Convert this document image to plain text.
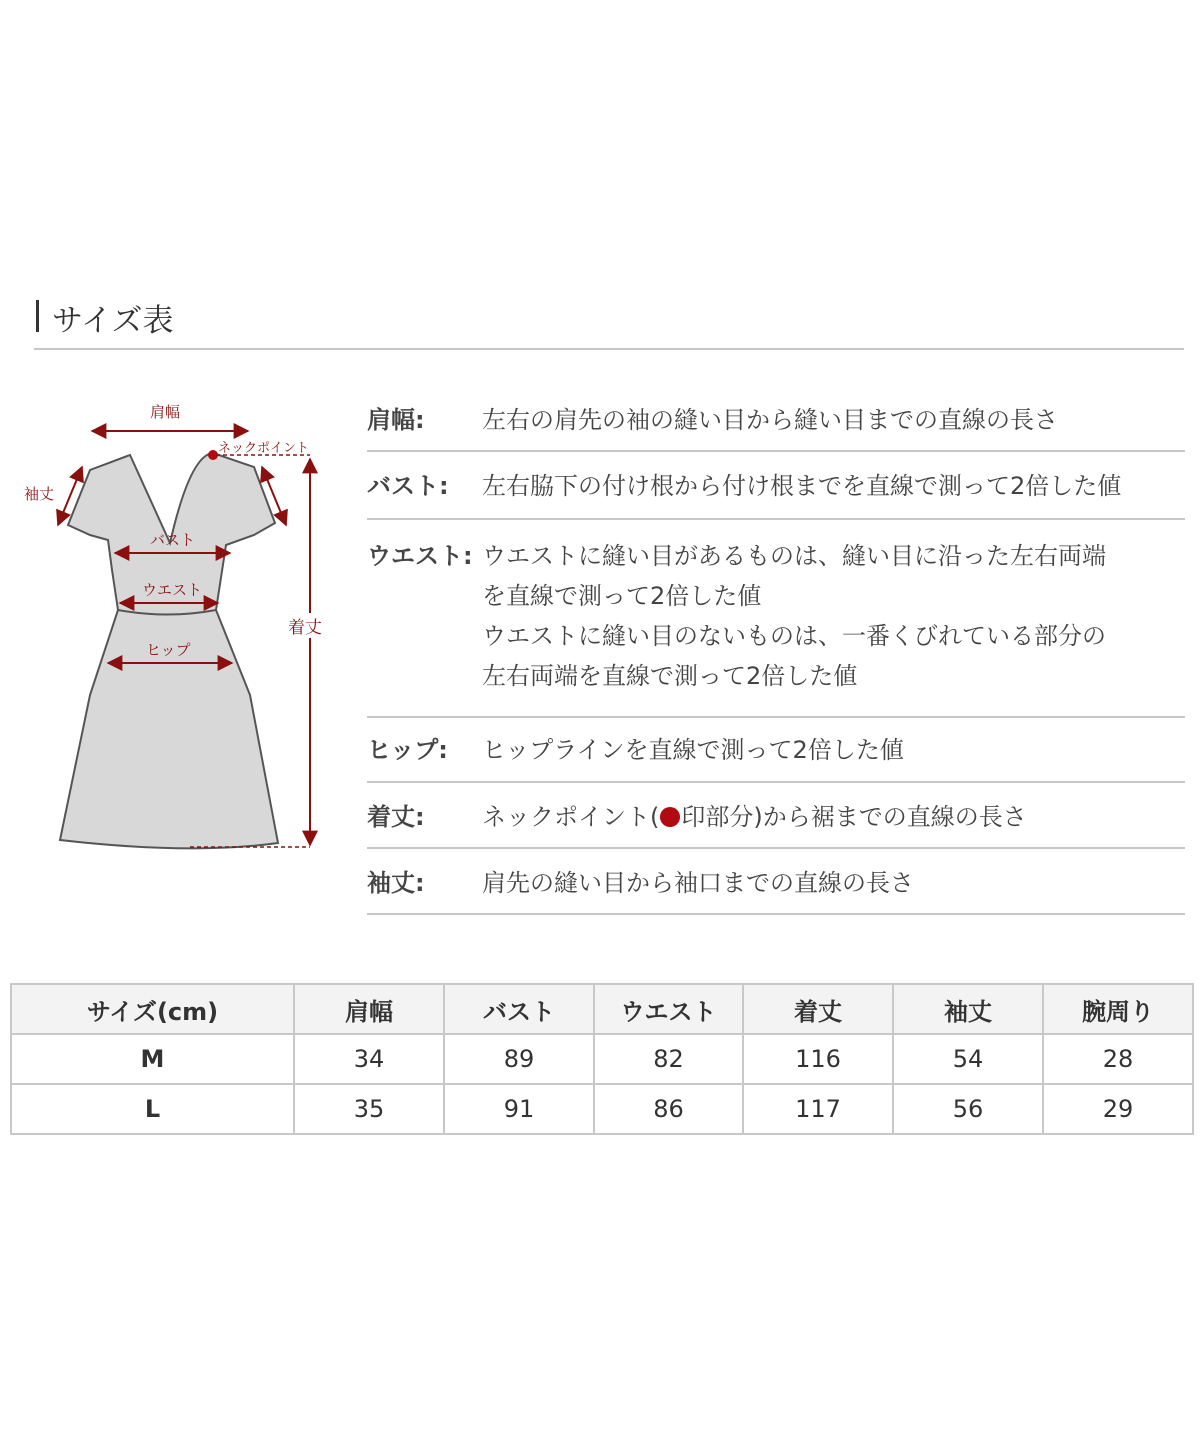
サイズ表
肩幅
ネックポイント
袖丈
バスト
ウエスト
ヒップ
着丈
肩幅:	左右の肩先の袖の縫い目から縫い目までの直線の長さ
バスト:	左右脇下の付け根から付け根までを直線で測って2倍した値
ウエスト: ウエストに縫い目があるものは、縫い目に沿った左右両端
を直線で測って2倍した値
ウエストに縫い目のないものは、一番くびれている部分の
左右両端を直線で測って2倍した値
ヒップ:	ヒップラインを直線で測って2倍した値
着丈:	ネックポイント( 印部分)から裾までの直線の長さ
袖丈:	肩先の縫い目から袖口までの直線の長さ
サイズ(cm)	肩幅	バスト	ウエスト	着丈	袖丈	腕周り
M	34	89	82	116	54	28
L	35	91	86	117	56	29
